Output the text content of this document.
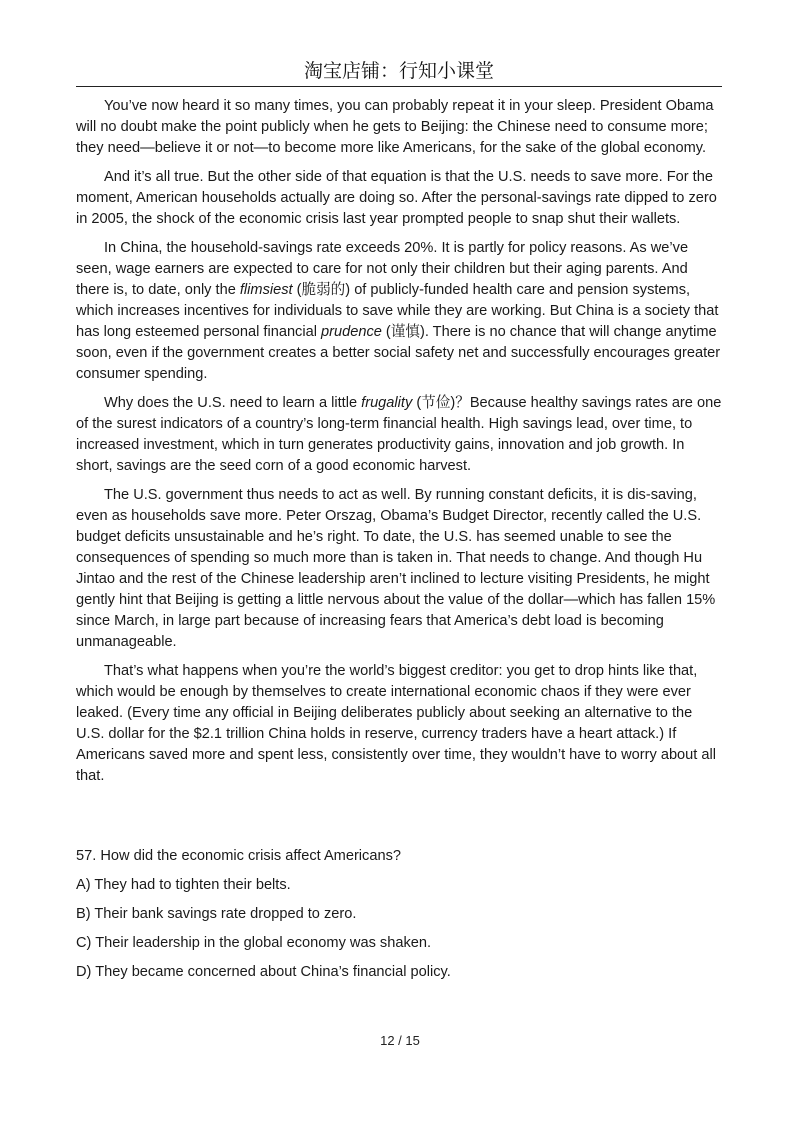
淘宝店铺：行知小课堂

You’ve now heard it so many times, you can probably repeat it in your sleep. President Obama will no doubt make the point publicly when he gets to Beijing: the Chinese need to consume more; they need—believe it or not—to become more like Americans, for the sake of the global economy.

And it’s all true. But the other side of that equation is that the U.S. needs to save more. For the moment, American households actually are doing so. After the personal-savings rate dipped to zero in 2005, the shock of the economic crisis last year prompted people to snap shut their wallets.

In China, the household-savings rate exceeds 20%. It is partly for policy reasons. As we’ve seen, wage earners are expected to care for not only their children but their aging parents. And there is, to date, only the flimsiest (脆弱的) of publicly-funded health care and pension systems, which increases incentives for individuals to save while they are working. But China is a society that has long esteemed personal financial prudence (谨慎). There is no chance that will change anytime soon, even if the government creates a better social safety net and successfully encourages greater consumer spending.

Why does the U.S. need to learn a little frugality (节俭)？Because healthy savings rates are one of the surest indicators of a country’s long-term financial health. High savings lead, over time, to increased investment, which in turn generates productivity gains, innovation and job growth. In short, savings are the seed corn of a good economic harvest.

The U.S. government thus needs to act as well. By running constant deficits, it is dis-saving, even as households save more. Peter Orszag, Obama’s Budget Director, recently called the U.S. budget deficits unsustainable and he’s right. To date, the U.S. has seemed unable to see the consequences of spending so much more than is taken in. That needs to change. And though Hu Jintao and the rest of the Chinese leadership aren’t inclined to lecture visiting Presidents, he might gently hint that Beijing is getting a little nervous about the value of the dollar—which has fallen 15% since March, in large part because of increasing fears that America’s debt load is becoming unmanageable.

That’s what happens when you’re the world’s biggest creditor: you get to drop hints like that, which would be enough by themselves to create international economic chaos if they were ever leaked. (Every time any official in Beijing deliberates publicly about seeking an alternative to the U.S. dollar for the $2.1 trillion China holds in reserve, currency traders have a heart attack.) If Americans saved more and spent less, consistently over time, they wouldn’t have to worry about all that.

57. How did the economic crisis affect Americans?

A) They had to tighten their belts.

B) Their bank savings rate dropped to zero.

C) Their leadership in the global economy was shaken.

D) They became concerned about China’s financial policy.

12 / 15
